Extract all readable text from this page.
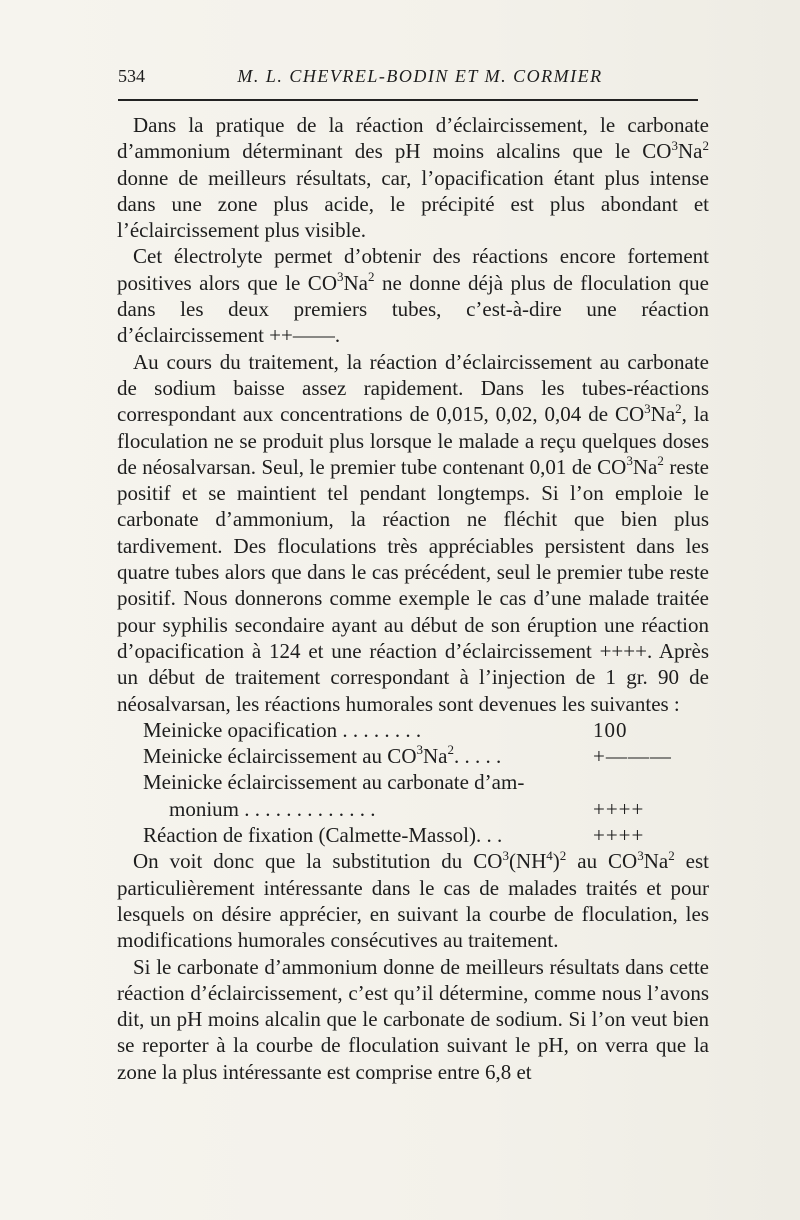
534	M. L. CHEVREL-BODIN ET M. CORMIER

Dans la pratique de la réaction d’éclaircissement, le carbonate d’ammonium déterminant des pH moins alcalins que le $CO^3Na^2$ donne de meilleurs résultats, car, l’opacification étant plus intense dans une zone plus acide, le précipité est plus abondant et l’éclaircissement plus visible.

Cet électrolyte permet d’obtenir des réactions encore fortement positives alors que le $CO^3Na^2$ ne donne déjà plus de floculation que dans les deux premiers tubes, c’est-à-dire une réaction d’éclaircissement ++——.

Au cours du traitement, la réaction d’éclaircissement au carbonate de sodium baisse assez rapidement. Dans les tubes-réactions correspondant aux concentrations de 0,015, 0,02, 0,04 de $CO^3Na^2$, la floculation ne se produit plus lorsque le malade a reçu quelques doses de néosalvarsan. Seul, le premier tube contenant 0,01 de $CO^3Na^2$ reste positif et se maintient tel pendant longtemps. Si l’on emploie le carbonate d’ammonium, la réaction ne fléchit que bien plus tardivement. Des floculations très appréciables persistent dans les quatre tubes alors que dans le cas précédent, seul le premier tube reste positif. Nous donnerons comme exemple le cas d’une malade traitée pour syphilis secondaire ayant au début de son éruption une réaction d’opacification à 124 et une réaction d’éclaircissement ++++. Après un début de traitement correspondant à l’injection de 1 gr. 90 de néosalvarsan, les réactions humorales sont devenues les suivantes :

Meinicke opacification . . . . . . . .	100
Meinicke éclaircissement au $CO^3Na^2$. . . . .	+———
Meinicke éclaircissement au carbonate d’am-
monium . . . . . . . . . . . . .	++++
Réaction de fixation (Calmette-Massol). . .	++++

On voit donc que la substitution du $CO^3(NH^4)^2$ au $CO^3Na^2$ est particulièrement intéressante dans le cas de malades traités et pour lesquels on désire apprécier, en suivant la courbe de floculation, les modifications humorales consécutives au traitement.

Si le carbonate d’ammonium donne de meilleurs résultats dans cette réaction d’éclaircissement, c’est qu’il détermine, comme nous l’avons dit, un pH moins alcalin que le carbonate de sodium. Si l’on veut bien se reporter à la courbe de floculation suivant le pH, on verra que la zone la plus intéressante est comprise entre 6,8 et
